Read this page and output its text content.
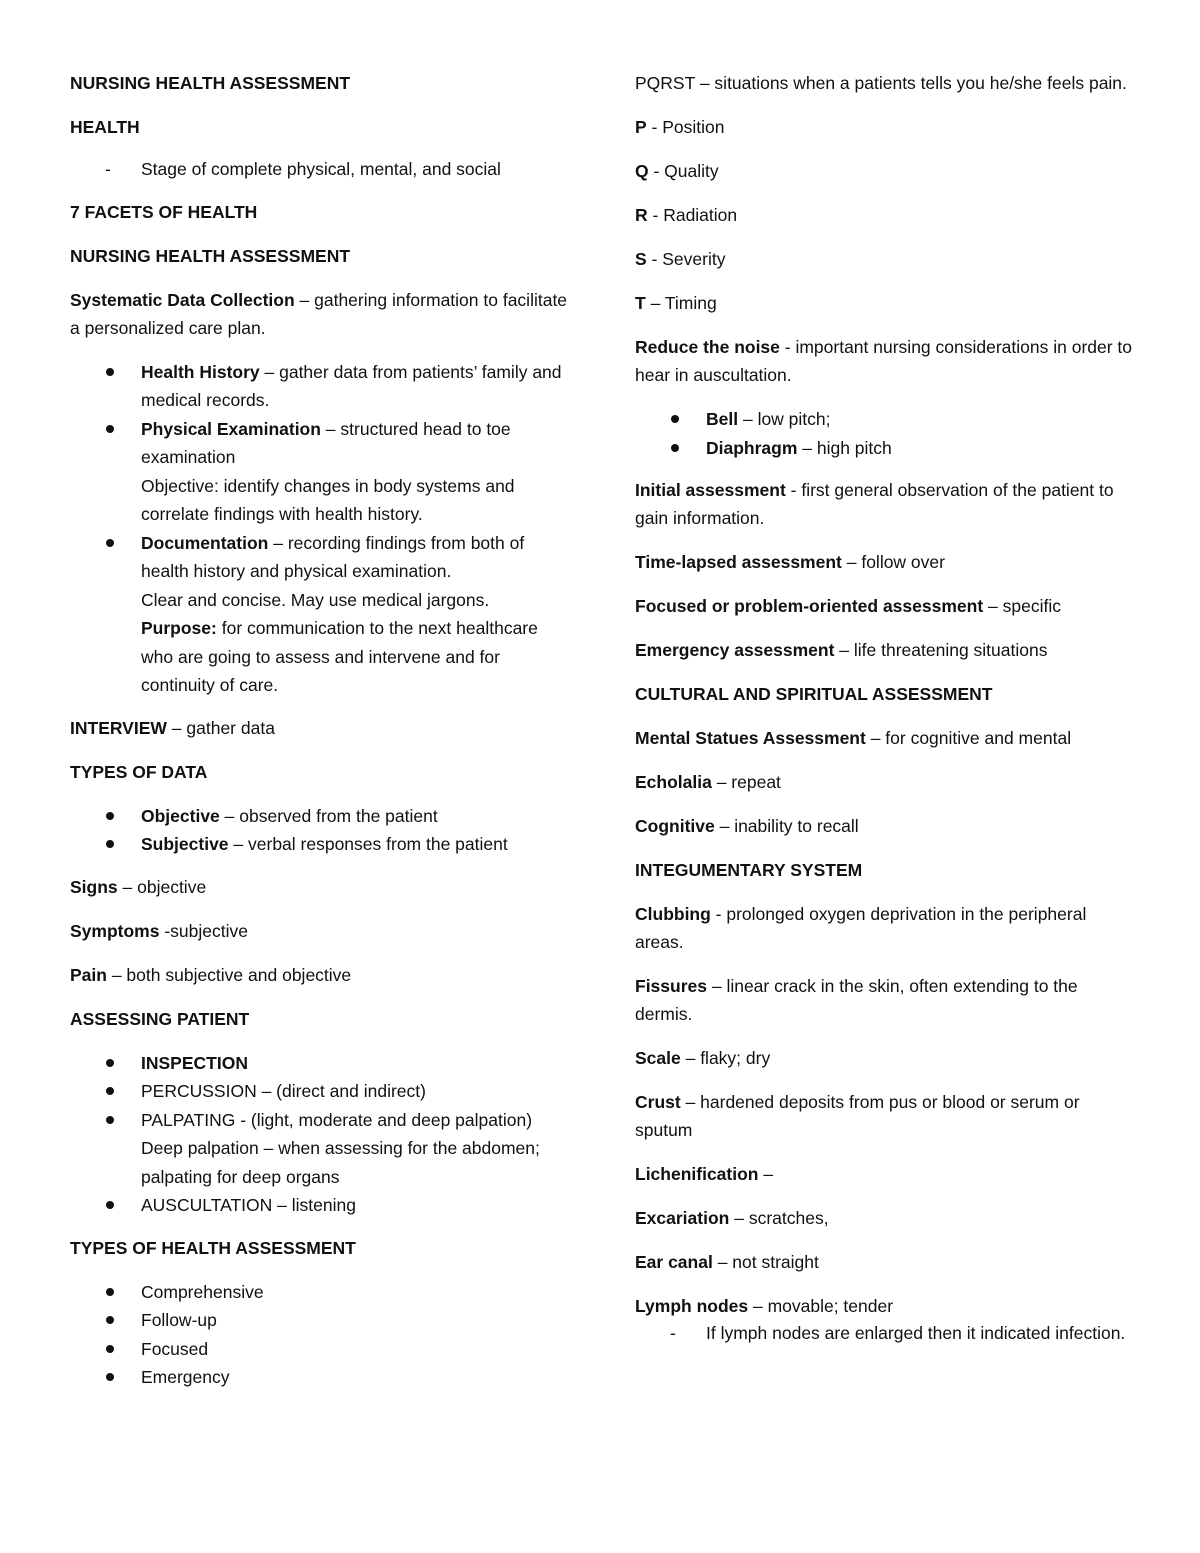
NURSING HEALTH ASSESSMENT

HEALTH

- Stage of complete physical, mental, and social

7 FACETS OF HEALTH

NURSING HEALTH ASSESSMENT

Systematic Data Collection – gathering information to facilitate a personalized care plan.

Health History – gather data from patients’ family and medical records.
Physical Examination – structured head to toe examination
Objective: identify changes in body systems and correlate findings with health history.
Documentation – recording findings from both of health history and physical examination.
Clear and concise. May use medical jargons.
Purpose: for communication to the next healthcare who are going to assess and intervene and for continuity of care.

INTERVIEW – gather data

TYPES OF DATA

Objective – observed from the patient
Subjective – verbal responses from the patient

Signs – objective

Symptoms -subjective

Pain – both subjective and objective

ASSESSING PATIENT

INSPECTION
PERCUSSION – (direct and indirect)
PALPATING - (light, moderate and deep palpation)
Deep palpation – when assessing for the abdomen; palpating for deep organs
AUSCULTATION – listening

TYPES OF HEALTH ASSESSMENT

Comprehensive
Follow-up
Focused
Emergency

PQRST – situations when a patients tells you he/she feels pain.

P - Position

Q - Quality

R - Radiation

S - Severity

T – Timing

Reduce the noise - important nursing considerations in order to hear in auscultation.

Bell – low pitch;
Diaphragm – high pitch

Initial assessment - first general observation of the patient to gain information.

Time-lapsed assessment – follow over

Focused or problem-oriented assessment – specific

Emergency assessment – life threatening situations

CULTURAL AND SPIRITUAL ASSESSMENT

Mental Statues Assessment – for cognitive and mental

Echolalia – repeat

Cognitive – inability to recall

INTEGUMENTARY SYSTEM

Clubbing - prolonged oxygen deprivation in the peripheral areas.

Fissures – linear crack in the skin, often extending to the dermis.

Scale – flaky; dry

Crust – hardened deposits from pus or blood or serum or sputum

Lichenification –

Excariation – scratches,

Ear canal – not straight

Lymph nodes – movable; tender

- If lymph nodes are enlarged then it indicated infection.
